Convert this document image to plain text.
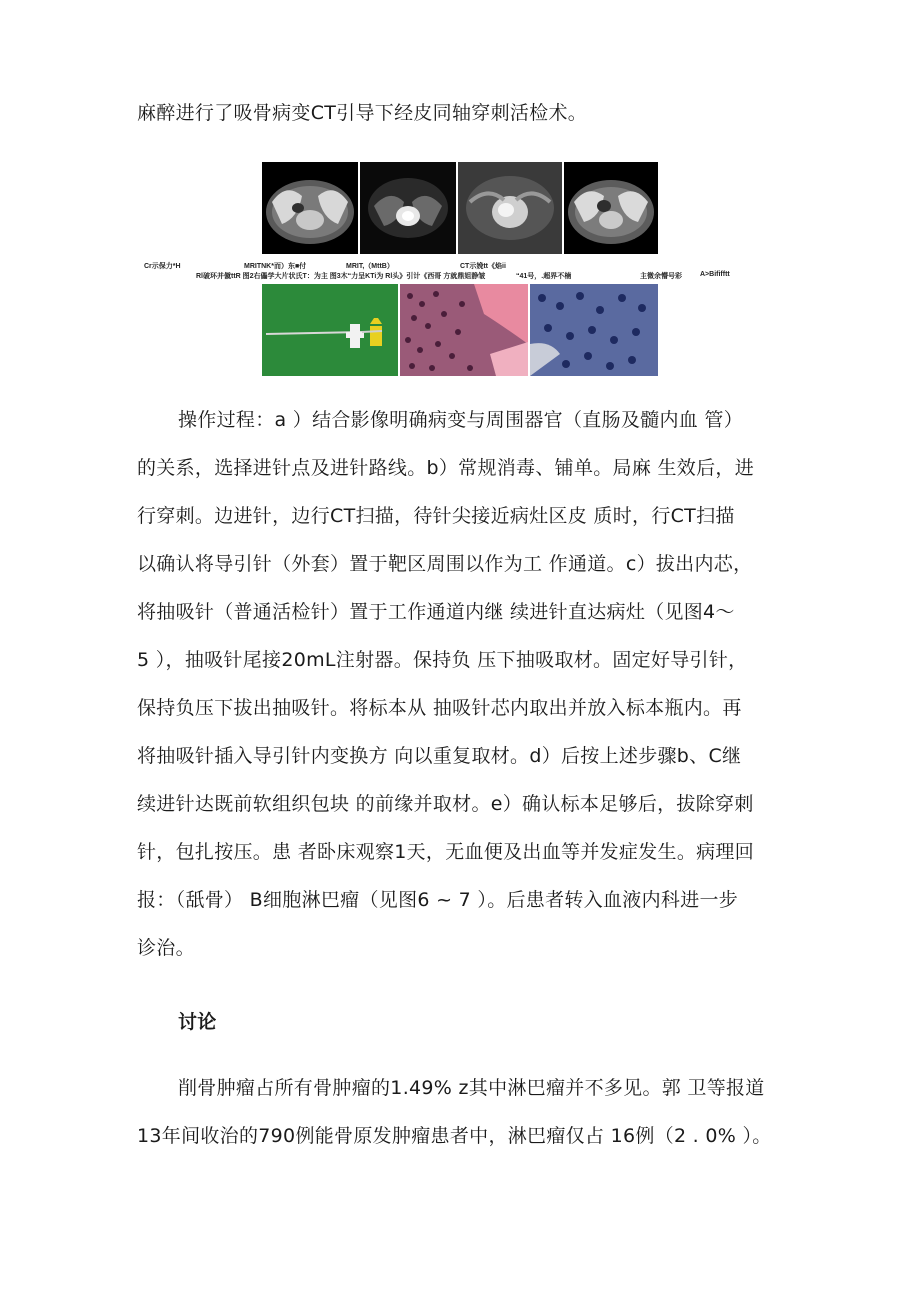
麻醉进行了吸骨病变CT引导下经皮同轴穿刺活检术。
Cr示保力*H	MRITNK*而）东■付	MRIT,（MttB）	CT示娩tt《焰ii
Rl破环并僦ttR 图2右儡学大片状氏T：为主 图3木“力呈KTi为 Rl头》引计《西哥 方就鼎姐静皱	“41号，.超界不楠	主微余懵号彩	A>Bififftt
操作过程：a ）结合影像明确病变与周围器官（直肠及髓内血 管）
的关系，选择进针点及进针路线。b）常规消毒、铺单。局麻 生效后，进
行穿刺。边进针，边行CT扫描，待针尖接近病灶区皮 质时，行CT扫描
以确认将导引针（外套）置于靶区周围以作为工 作通道。c）拔出内芯，
将抽吸针（普通活检针）置于工作通道内继 续进针直达病灶（见图4～
5 ），抽吸针尾接20mL注射器。保持负 压下抽吸取材。固定好导引针，
保持负压下拔出抽吸针。将标本从 抽吸针芯内取出并放入标本瓶内。再
将抽吸针插入导引针内变换方 向以重复取材。d）后按上述步骤b、C继
续进针达既前软组织包块 的前缘并取材。e）确认标本足够后，拔除穿刺
针，包扎按压。患 者卧床观察1天，无血便及出血等并发症发生。病理回
报：（舐骨） B细胞淋巴瘤（见图6 ~ 7 ）。后患者转入血液内科进一步
诊治。
讨论
削骨肿瘤占所有骨肿瘤的1.49% z其中淋巴瘤并不多见。郭 卫等报道
13年间收治的790例能骨原发肿瘤患者中，淋巴瘤仅占 16例（2 . 0% ）。
